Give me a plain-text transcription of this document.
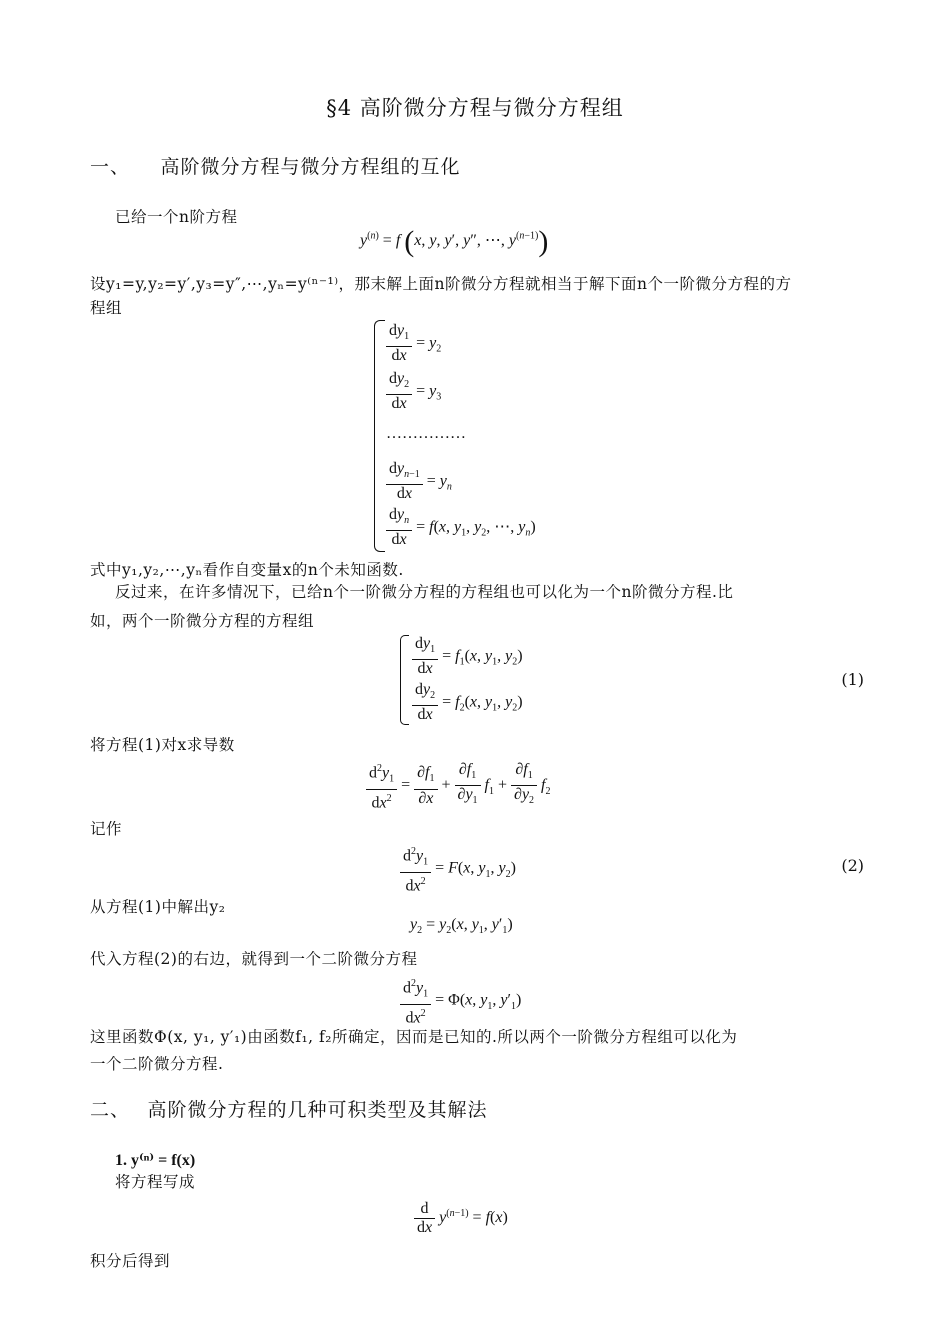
§4 高阶微分方程与微分方程组
一、　　高阶微分方程与微分方程组的互化
已给一个n阶方程
$y^{(n)} = f$ (x, y, y′, y″, ⋯, $y^{(n-1)}$)
设y₁=y,y₂=y′,y₃=y″,⋯,yₙ=y⁽ⁿ⁻¹⁾，那末解上面n阶微分方程就相当于解下面n个一阶微分方程的方
程组
$\frac{dy_1}{dx} = y_2$
$\frac{dy_2}{dx} = y_3$
……………
$\frac{dy_{n-1}}{dx} = y_n$
$\frac{dy_n}{dx} = f(x$, $y_1$, $y_2$, ⋯, $y_n$)
式中y₁,y₂,⋯,yₙ看作自变量x的n个未知函数.
反过来，在许多情况下，已给n个一阶微分方程的方程组也可以化为一个n阶微分方程.比
如，两个一阶微分方程的方程组
$\frac{dy_1}{dx} = f_1(x$, $y_1$, $y_2$)
$\frac{dy_2}{dx} = f_2(x$, $y_1$, $y_2$)
(1)
将方程(1)对x求导数
$\frac{d^2y_1}{dx^2} = \frac{\partial f_1}{\partial x} + \frac{\partial f_1}{\partial y_1} f_1 + \frac{\partial f_1}{\partial y_2} f_2$
记作
$\frac{d^2y_1}{dx^2} = F(x$, $y_1$, $y_2$)	(2)
从方程(1)中解出y₂
$y_2 = y_2(x$, $y_1$, $y'_1$)
代入方程(2)的右边，就得到一个二阶微分方程
$\frac{d^2y_1}{dx^2} = \Phi(x$, $y_1$, $y'_1$)
这里函数Φ(x, y₁, y′₁)由函数f₁, f₂所确定，因而是已知的.所以两个一阶微分方程组可以化为
一个二阶微分方程.
二、　 高阶微分方程的几种可积类型及其解法
1. y⁽ⁿ⁾ = f(x)
将方程写成
$\frac{d}{dx} y^{(n-1)} = f(x)$
积分后得到
